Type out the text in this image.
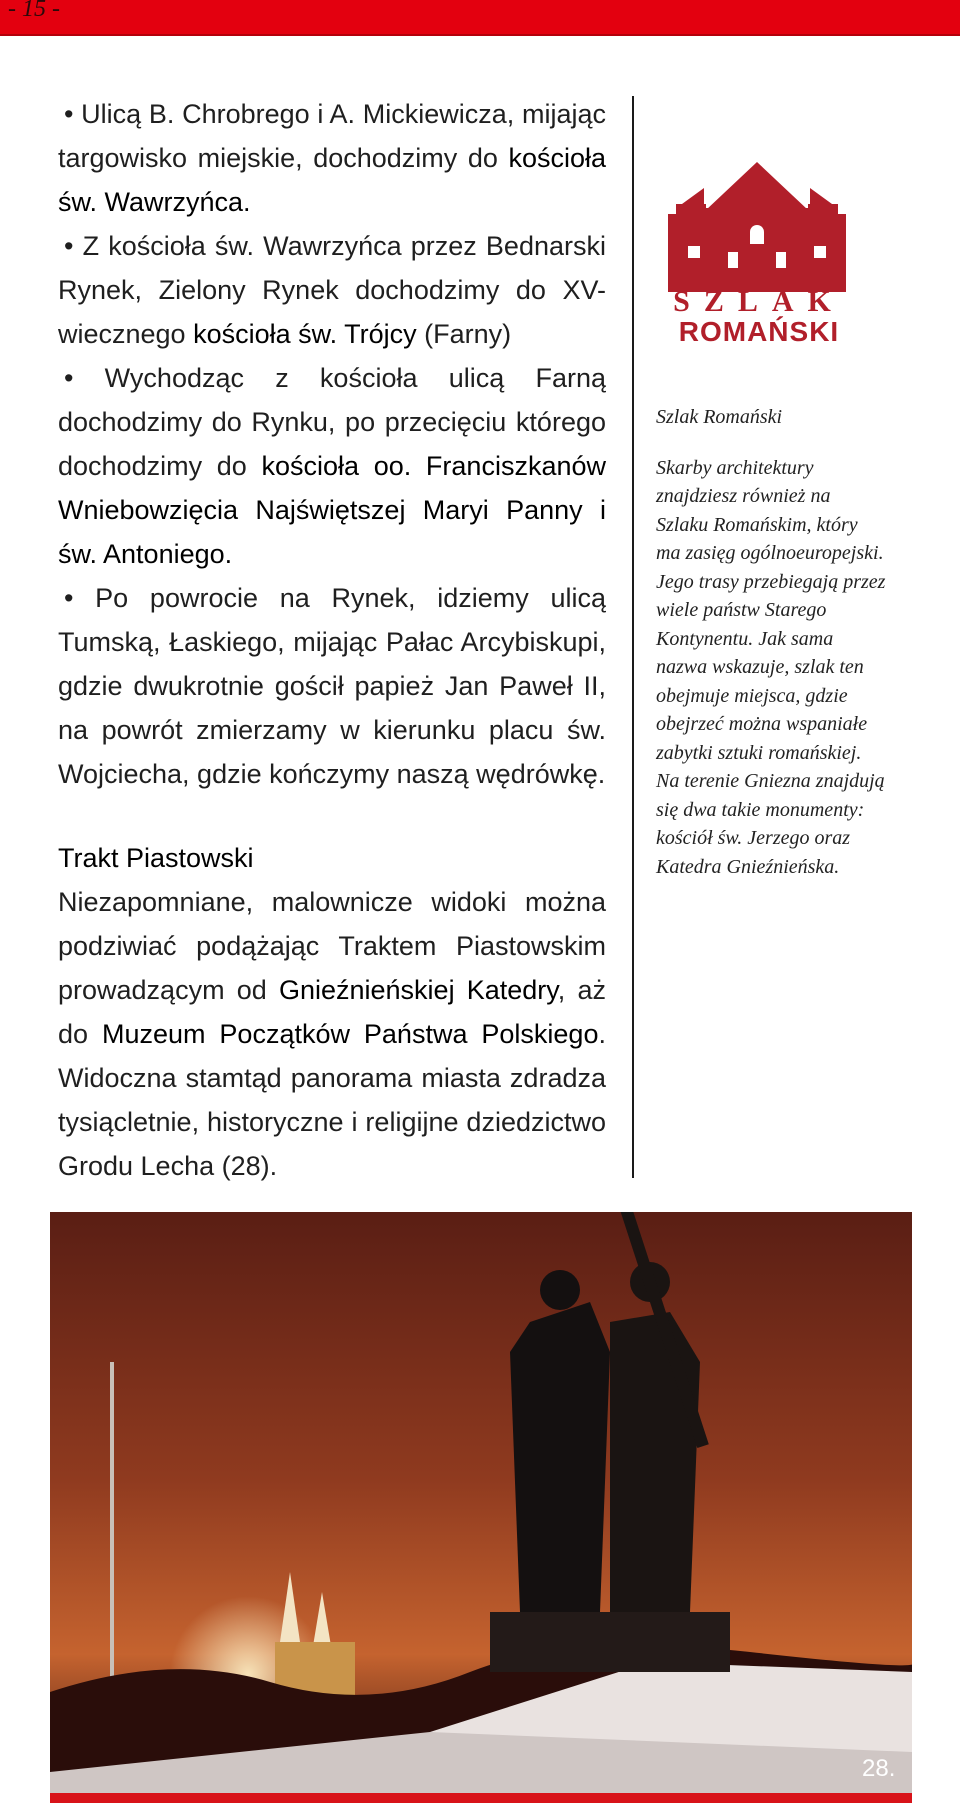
- 15 -

• Ulicą B. Chrobrego i A. Mickiewicza, mijając targowisko miejskie, dochodzimy do kościoła św. Wawrzyńca.

• Z kościoła św. Wawrzyńca przez Bednarski Rynek, Zielony Rynek dochodzimy do XV-wiecznego kościoła św. Trójcy (Farny)

• Wychodząc z kościoła ulicą Farną dochodzimy do Rynku, po przecięciu którego dochodzimy do kościoła oo. Franciszkanów Wniebowzięcia Najświętszej Maryi Panny i św. Antoniego.

• Po powrocie na Rynek, idziemy ulicą Tumską, Łaskiego, mijając Pałac Arcybiskupi, gdzie dwukrotnie gościł papież Jan Paweł II, na powrót zmierzamy w kierunku placu św. Wojciecha, gdzie kończymy naszą wędrówkę.

Trakt Piastowski

Niezapomniane, malownicze widoki można podziwiać podążając Traktem Piastowskim prowadzącym od Gnieźnieńskiej Katedry, aż do Muzeum Początków Państwa Polskiego. Widoczna stamtąd panorama miasta zdradza tysiącletnie, historyczne i religijne dziedzictwo Grodu Lecha (28).

SZLAK
ROMAŃSKI
Szlak Romański
Skarby architektury znajdziesz również na Szlaku Romańskim, który ma zasięg ogólnoeuropejski. Jego trasy przebiegają przez wiele państw Starego Kontynentu. Jak sama nazwa wskazuje, szlak ten obejmuje miejsca, gdzie obejrzeć można wspaniałe zabytki sztuki romańskiej. Na terenie Gniezna znajdują się dwa takie monumenty: kościół św. Jerzego oraz Katedra Gnieźnieńska.
28.
